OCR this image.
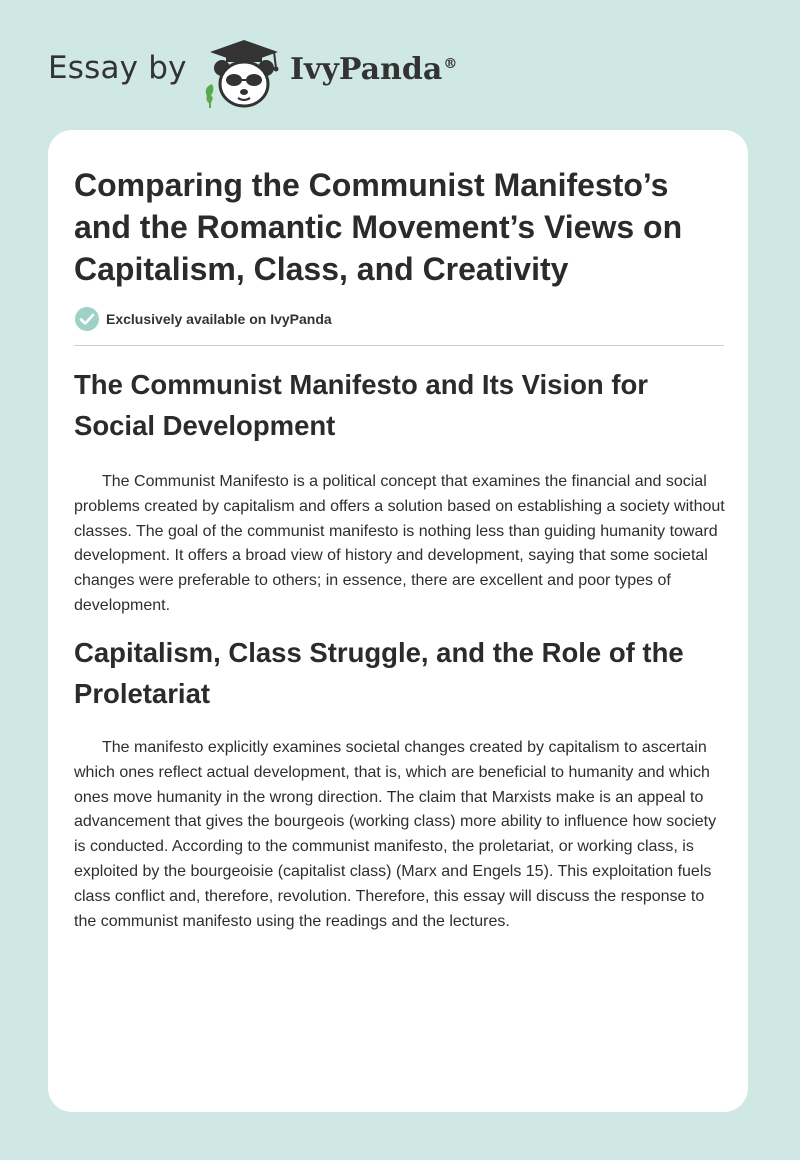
Essay by	IvyPanda®
Comparing the Communist Manifesto’s and the Romantic Movement’s Views on Capitalism, Class, and Creativity
Exclusively available on IvyPanda
The Communist Manifesto and Its Vision for Social Development

The Communist Manifesto is a political concept that examines the financial and social problems created by capitalism and offers a solution based on establishing a society without classes. The goal of the communist manifesto is nothing less than guiding humanity toward development. It offers a broad view of history and development, saying that some societal changes were preferable to others; in essence, there are excellent and poor types of development.

Capitalism, Class Struggle, and the Role of the Proletariat

The manifesto explicitly examines societal changes created by capitalism to ascertain which ones reflect actual development, that is, which are beneficial to humanity and which ones move humanity in the wrong direction. The claim that Marxists make is an appeal to advancement that gives the bourgeois (working class) more ability to influence how society is conducted. According to the communist manifesto, the proletariat, or working class, is exploited by the bourgeoisie (capitalist class) (Marx and Engels 15). This exploitation fuels class conflict and, therefore, revolution. Therefore, this essay will discuss the response to the communist manifesto using the readings and the lectures.
